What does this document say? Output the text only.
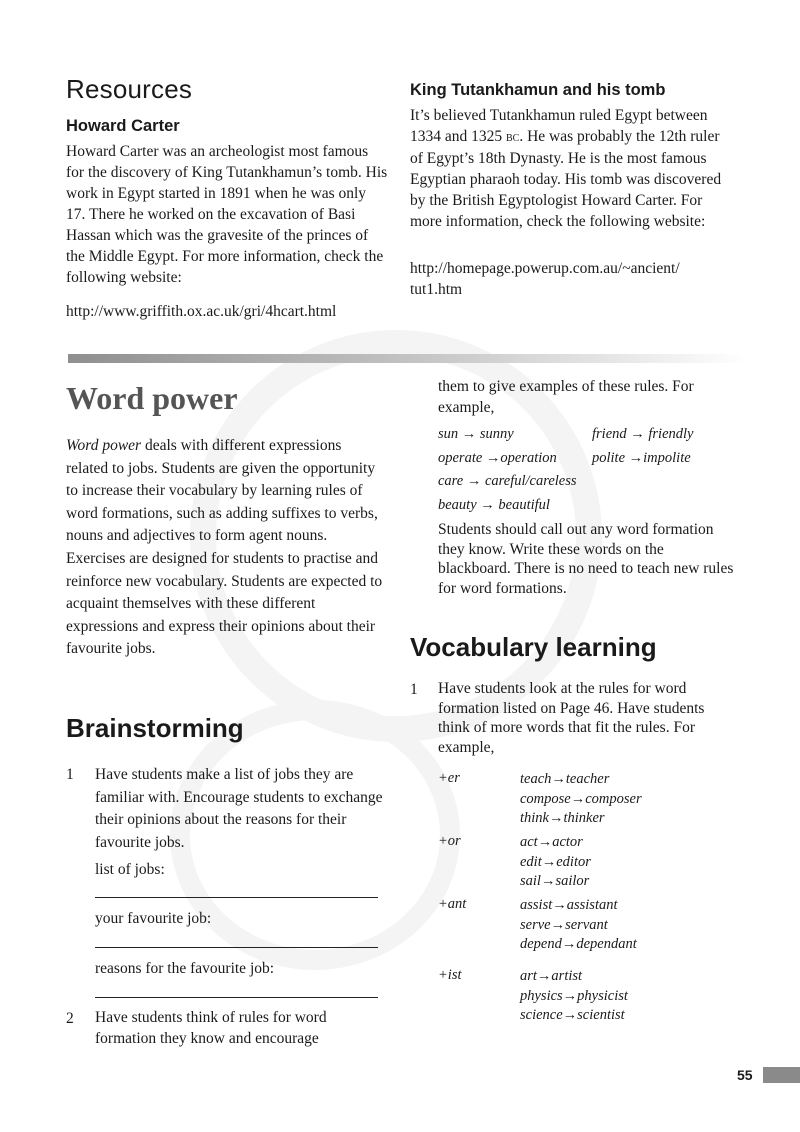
Resources
Howard Carter

Howard Carter was an archeologist most famous for the discovery of King Tutankhamun’s tomb. His work in Egypt started in 1891 when he was only 17. There he worked on the excavation of Basi Hassan which was the gravesite of the princes of the Middle Egypt. For more information, check the following website:

http://www.griffith.ox.ac.uk/gri/4hcart.html

King Tutankhamun and his tomb

It’s believed Tutankhamun ruled Egypt between 1334 and 1325 bc. He was probably the 12th ruler of Egypt’s 18th Dynasty. He is the most famous Egyptian pharaoh today. His tomb was discovered by the British Egyptologist Howard Carter. For more information, check the following website:

http://homepage.powerup.com.au/~ancient/

tut1.htm

Word power

Word power deals with different expressions related to jobs. Students are given the opportunity to increase their vocabulary by learning rules of word formations, such as adding suffixes to verbs, nouns and adjectives to form agent nouns. Exercises are designed for students to practise and reinforce new vocabulary. Students are expected to acquaint themselves with these different expressions and express their opinions about their favourite jobs.

Brainstorming
1 Have students make a list of jobs they are familiar with. Encourage students to exchange their opinions about the reasons for their favourite jobs.

list of jobs:

your favourite job:

reasons for the favourite job:

2 Have students think of rules for word formation they know and encourage

them to give examples of these rules. For example,

sun → sunny	friend → friendly
operate →operation	polite →impolite
care → careful/careless
beauty → beautiful

Students should call out any word formation they know. Write these words on the blackboard. There is no need to teach new rules for word formations.

Vocabulary learning
1 Have students look at the rules for word formation listed on Page 46. Have students think of more words that fit the rules. For example,

+er	teach→teacher
compose→composer
think→thinker
+or	act→actor
edit→editor
sail→sailor
+ant	assist→assistant
serve→servant
depend→dependant
+ist	art→artist
physics→physicist
science→scientist
55
